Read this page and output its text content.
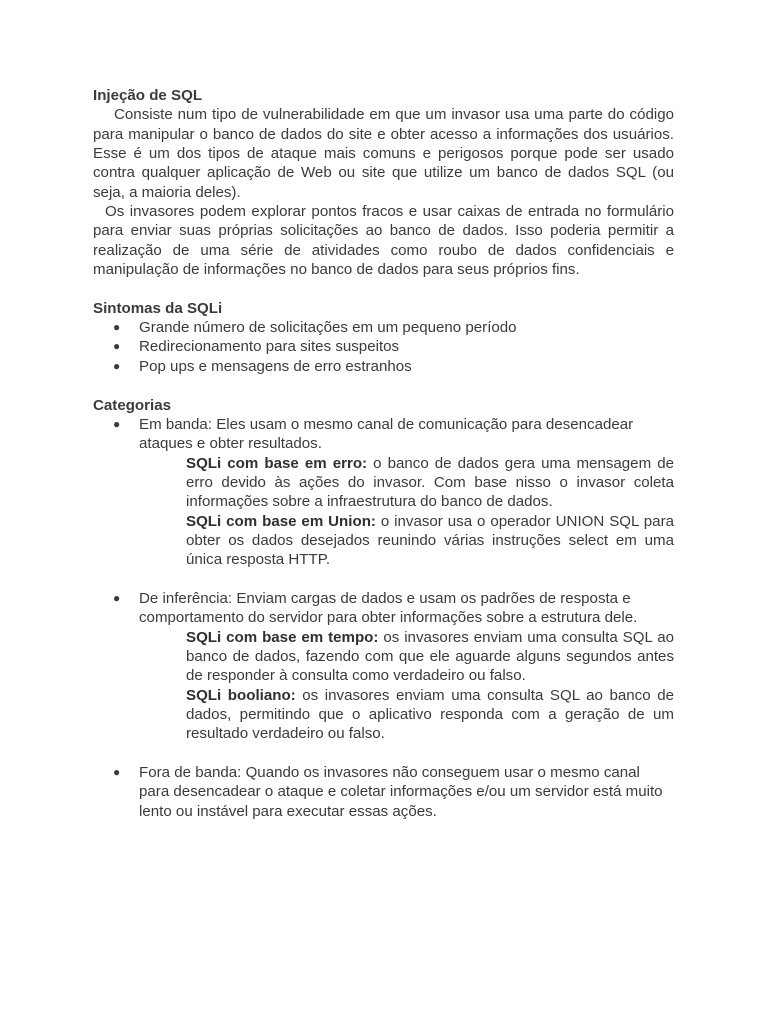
Injeção de SQL

Consiste num tipo de vulnerabilidade em que um invasor usa uma parte do código para manipular o banco de dados do site e obter acesso a informações dos usuários. Esse é um dos tipos de ataque mais comuns e perigosos porque pode ser usado contra qualquer aplicação de Web ou site que utilize um banco de dados SQL (ou seja, a maioria deles).

Os invasores podem explorar pontos fracos e usar caixas de entrada no formulário para enviar suas próprias solicitações ao banco de dados. Isso poderia permitir a realização de uma série de atividades como roubo de dados confidenciais e manipulação de informações no banco de dados para seus próprios fins.

Sintomas da SQLi

● Grande número de solicitações em um pequeno período
● Redirecionamento para sites suspeitos
● Pop ups e mensagens de erro estranhos

Categorias

● Em banda: Eles usam o mesmo canal de comunicação para desencadear ataques e obter resultados.

SQLi com base em erro: o banco de dados gera uma mensagem de erro devido às ações do invasor. Com base nisso o invasor coleta informações sobre a infraestrutura do banco de dados.

SQLi com base em Union: o invasor usa o operador UNION SQL para obter os dados desejados reunindo várias instruções select em uma única resposta HTTP.

● De inferência: Enviam cargas de dados e usam os padrões de resposta e comportamento do servidor para obter informações sobre a estrutura dele.

SQLi com base em tempo: os invasores enviam uma consulta SQL ao banco de dados, fazendo com que ele aguarde alguns segundos antes de responder à consulta como verdadeiro ou falso.

SQLi booliano: os invasores enviam uma consulta SQL ao banco de dados, permitindo que o aplicativo responda com a geração de um resultado verdadeiro ou falso.

● Fora de banda: Quando os invasores não conseguem usar o mesmo canal para desencadear o ataque e coletar informações e/ou um servidor está muito lento ou instável para executar essas ações.
